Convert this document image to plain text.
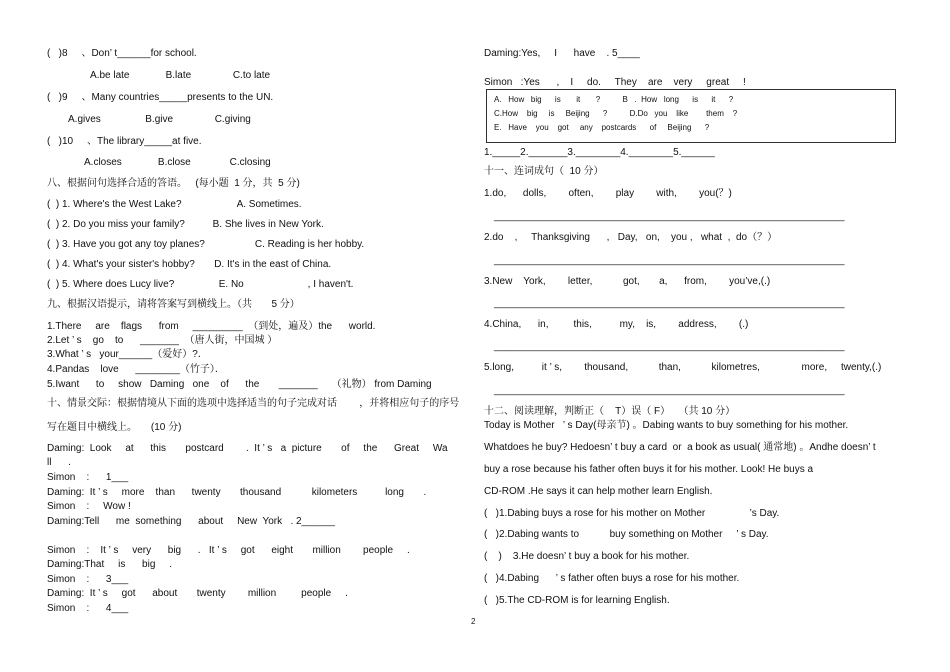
(   )8     、Don’ t______for school.
A.be late             B.late               C.to late
(   )9     、Many countries_____presents to the UN.
A.gives                B.give               C.giving
(   )10     、The library_____at five.
A.closes             B.close              C.closing
八、根据问句选择合适的答语。   (每小题  1 分，共  5 分)
(  ) 1. Where's the West Lake?                    A. Sometimes.
(  ) 2. Do you miss your family?          B. She lives in New York.
(  ) 3. Have you got any toy planes?                  C. Reading is her hobby.
(  ) 4. What's your sister's hobby?       D. It's in the east of China.
(  ) 5. Where does Lucy live?                E. No                       , I haven't.
九、根据汉语提示，请将答案写到横线上。（共       5 分）
1.There     are    flags      from     _________  （到处，遍及）the      world.
2.Let ’ s    go    to      _______  （唐人街，中国城 ）
3.What ’ s   your______（爱好）?．
4.Pandas    love      ________（竹子）．
5.Iwant      to     show   Daming   one    of      the       _______     （礼物） from Daming
十、情景交际：根据情境从下面的选项中选择适当的句子完成对话        ，并将相应句子的序号
写在题目中横线上。     (10 分)
Daming:  Look     at      this       postcard        .  It ’ s   a  picture       of     the      Great     Wa
ll      .
Simon    :      1___
Daming:  It ’ s     more    than      twenty       thousand           kilometers          long       .
Simon    :     Wow !
Daming:Tell      me  something      about     New  York   . 2______
Simon    :    It ’ s     very      big      .   It ’ s     got      eight       million        people     .
Daming:That     is      big     .
Simon    :      3___
Daming:  It ’ s     got      about       twenty        million         people     .
Simon    :      4___
Daming:Yes,     I      have    . 5____
Simon   :Yes      ,    I     do.     They    are    very     great     !
A.   How   big      is       it       ?          B   .  How   long      is      it      ?
C.How    big     is     Beijing      ?          D.Do   you    like        them    ?
E.   Have    you    got     any    postcards      of     Beijing      ?
1._____2._______3.________4.________5.______
十一、连词成句（  10 分）
1.do,      dolls,        often,        play        with,        you(？)
_______________________________________________________________
2.do    ,     Thanksgiving      ,   Day,   on,    you ,   what  ,  do（？）
_______________________________________________________________
3.New    York,        letter,           got,       a,      from,        you’ve,(.)
_______________________________________________________________
4.China,      in,         this,          my,    is,        address,        (.)
_______________________________________________________________
5.long,          it ’ s,        thousand,           than,           kilometres,               more,     twenty,(.)
_______________________________________________________________
十二、阅读理解，判断正（    T）误（ F）   （共 10 分）
Today is Mother   ’ s Day(母亲节) 。Dabing wants to buy something for his mother.
Whatdoes he buy? Hedoesn’ t buy a card  or  a book as usual( 通常地) 。Andhe doesn’ t
buy a rose because his father often buys it for his mother. Look! He buys a
CD-ROM .He says it can help mother learn English.
(   )1.Dabing buys a rose for his mother on Mother                ’s Day.
(   )2.Dabing wants to           buy something on Mother     ’ s Day.
(    )    3.He doesn’ t buy a book for his mother.
(   )4.Dabing      ’ s father often buys a rose for his mother.
(   )5.The CD-ROM is for learning English.
2
